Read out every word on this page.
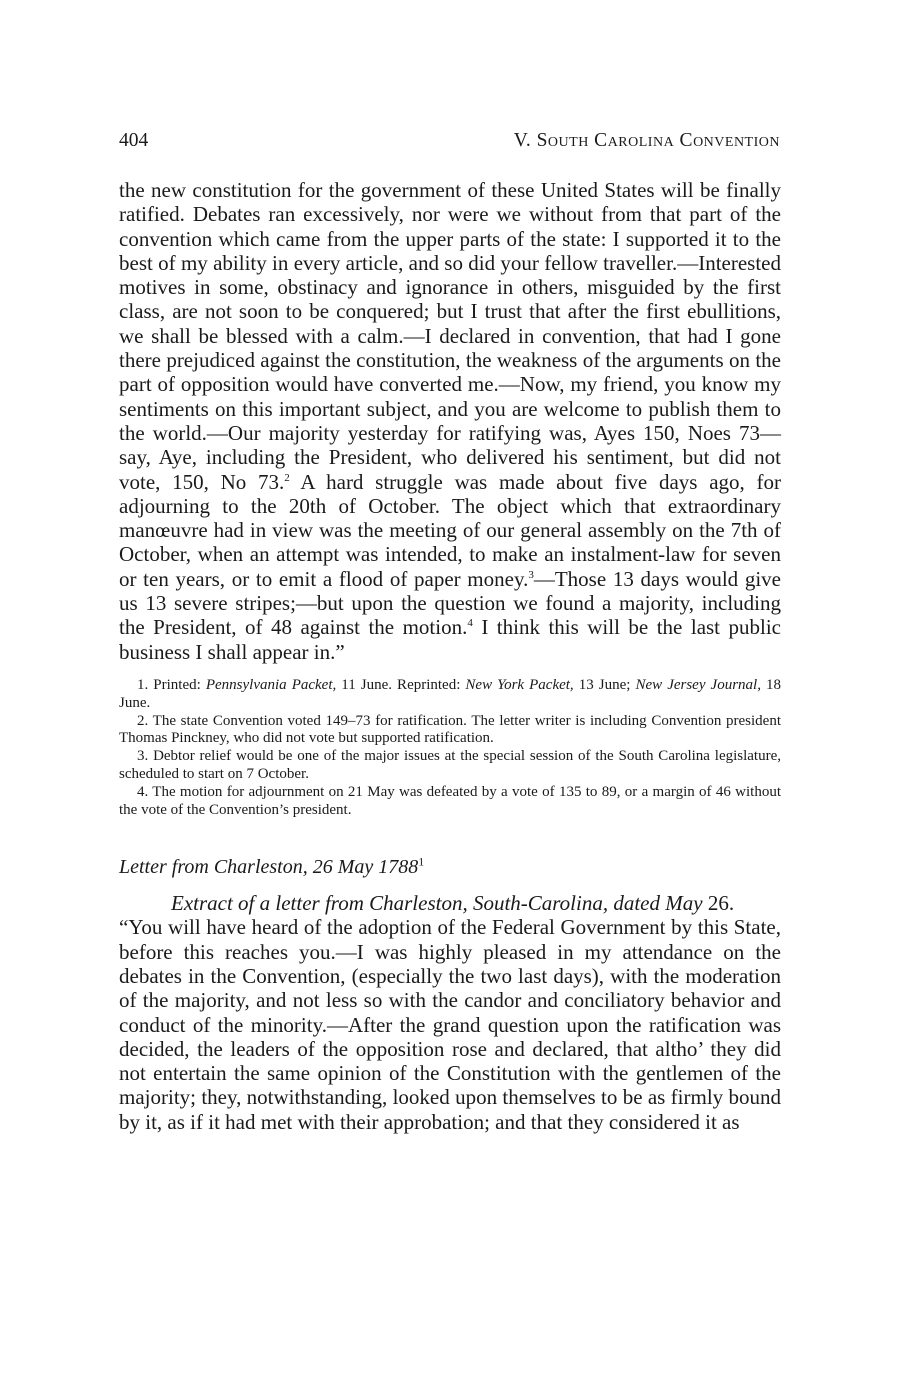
404	V. South Carolina Convention

the new constitution for the government of these United States will be finally ratified. Debates ran excessively, nor were we without from that part of the convention which came from the upper parts of the state: I supported it to the best of my ability in every article, and so did your fellow traveller.—Interested motives in some, obstinacy and ignorance in others, misguided by the first class, are not soon to be conquered; but I trust that after the first ebullitions, we shall be blessed with a calm.—I declared in convention, that had I gone there prejudiced against the constitution, the weakness of the arguments on the part of opposition would have converted me.—Now, my friend, you know my sentiments on this important subject, and you are welcome to publish them to the world.—Our majority yesterday for ratifying was, Ayes 150, Noes 73—say, Aye, including the President, who delivered his sentiment, but did not vote, 150, No 73.$^2$ A hard struggle was made about five days ago, for adjourning to the 20th of October. The object which that extraordinary manœuvre had in view was the meeting of our general assembly on the 7th of October, when an attempt was intended, to make an instalment-law for seven or ten years, or to emit a flood of paper money.$^3$—Those 13 days would give us 13 severe stripes;—but upon the question we found a majority, including the President, of 48 against the motion.$^4$ I think this will be the last public business I shall appear in.”

1. Printed: Pennsylvania Packet, 11 June. Reprinted: New York Packet, 13 June; New Jersey Journal, 18 June.

2. The state Convention voted 149–73 for ratification. The letter writer is including Convention president Thomas Pinckney, who did not vote but supported ratification.

3. Debtor relief would be one of the major issues at the special session of the South Carolina legislature, scheduled to start on 7 October.

4. The motion for adjournment on 21 May was defeated by a vote of 135 to 89, or a margin of 46 without the vote of the Convention’s president.

Letter from Charleston, 26 May 1788$^1$

Extract of a letter from Charleston, South-Carolina, dated May 26.

“You will have heard of the adoption of the Federal Government by this State, before this reaches you.—I was highly pleased in my attendance on the debates in the Convention, (especially the two last days), with the moderation of the majority, and not less so with the candor and conciliatory behavior and conduct of the minority.—After the grand question upon the ratification was decided, the leaders of the opposition rose and declared, that altho’ they did not entertain the same opinion of the Constitution with the gentlemen of the majority; they, notwithstanding, looked upon themselves to be as firmly bound by it, as if it had met with their approbation; and that they considered it as
